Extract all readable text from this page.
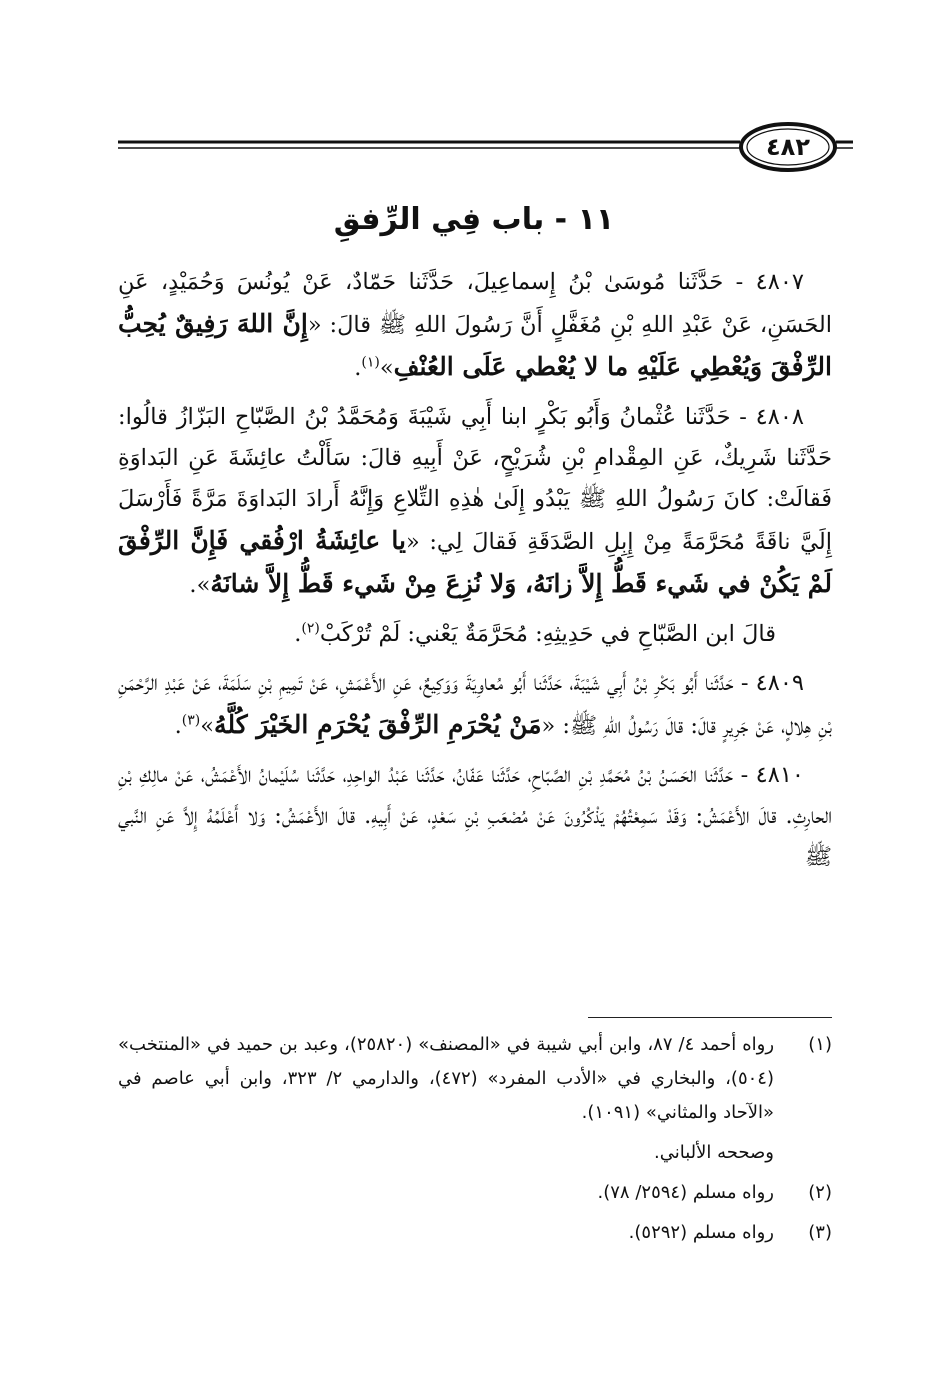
٤٨٢
١١ - باب فِي الرِّفقِ

٤٨٠٧ - حَدَّثَنا مُوسَىٰ بْنُ إِسماعِيلَ، حَدَّثَنا حَمّادٌ، عَنْ يُونُسَ وَحُمَيْدٍ، عَنِ الحَسَنِ، عَنْ عَبْدِ اللهِ بْنِ مُغَفَّلٍ أَنَّ رَسُولَ اللهِ ﷺ قالَ: «إِنَّ اللهَ رَفِيقٌ يُحِبُّ الرِّفْقَ وَيُعْطِي عَلَيْهِ ما لا يُعْطي عَلَى العُنْفِ»$^{(١)}$.

٤٨٠٨ - حَدَّثَنا عُثْمانُ وَأَبُو بَكْرٍ ابنا أَبِي شَيْبَةَ وَمُحَمَّدُ بْنُ الصَّبّاحِ البَزّازُ قالُوا: حَدَّثَنا شَرِيكٌ، عَنِ المِقْدامِ بْنِ شُرَيْحٍ، عَنْ أَبِيهِ قالَ: سَأَلْتُ عائِشَةَ عَنِ البَداوَةِ فَقالَتْ: كانَ رَسُولُ اللهِ ﷺ يَبْدُو إِلَىٰ هٰذِهِ التِّلاعِ وَإِنَّهُ أَرادَ البَداوَةَ مَرَّةً فَأَرْسَلَ إِلَيَّ ناقَةً مُحَرَّمَةً مِنْ إِبِلِ الصَّدَقَةِ فَقالَ لِي: «يا عائِشَةُ ارْفُقي فَإِنَّ الرِّفْقَ لَمْ يَكُنْ في شَيء قَطُّ إِلاَّ زانَهُ، وَلا نُزِعَ مِنْ شَيء قَطُّ إِلاَّ شانَهُ».

قالَ ابن الصَّبّاحِ في حَدِيثِهِ: مُحَرَّمَةٌ يَعْني: لَمْ تُرْكَبْ$^{(٢)}$.

٤٨٠٩ - حَدَّثَنا أَبُو بَكْرِ بْنُ أَبِي شَيْبَةَ، حَدَّثَنا أَبُو مُعاوِيَةَ وَوَكِيعٌ، عَنِ الأَعْمَشِ، عَنْ تَمِيمِ بْنِ سَلَمَةَ، عَنْ عَبْدِ الرَّحْمَنِ بْنِ هِلالٍ، عَنْ جَرِيرٍ قالَ: قالَ رَسُولُ اللهِ ﷺ: «مَنْ يُحْرَمِ الرِّفْقَ يُحْرَمِ الخَيْرَ كُلَّهُ»$^{(٣)}$.

٤٨١٠ - حَدَّثَنا الحَسَنُ بْنُ مُحَمَّدِ بْنِ الصَّبّاحِ، حَدَّثَنا عَفّانُ، حَدَّثَنا عَبْدُ الواحِدِ، حَدَّثَنا سُلَيْمانُ الأَعْمَشُ، عَنْ مالِكِ بْنِ الحارِثِ. قالَ الأَعْمَشُ: وَقَدْ سَمِعْتُهُمْ يَذْكُرُونَ عَنْ مُصْعَبِ بْنِ سَعْدٍ، عَنْ أَبِيهِ. قالَ الأَعْمَشُ: وَلا أَعْلَمُهُ إِلاَّ عَنِ النَّبي ﷺ

(١)
رواه أحمد ٤/ ٨٧، وابن أبي شيبة في «المصنف» (٢٥٨٢٠)، وعبد بن حميد في «المنتخب» (٥٠٤)، والبخاري في «الأدب المفرد» (٤٧٢)، والدارمي ٢/ ٣٢٣، وابن أبي عاصم في «الآحاد والمثاني» (١٠٩١).
وصححه الألباني.
(٢)
رواه مسلم (٢٥٩٤/ ٧٨).
(٣)
رواه مسلم (٥٢٩٢).
